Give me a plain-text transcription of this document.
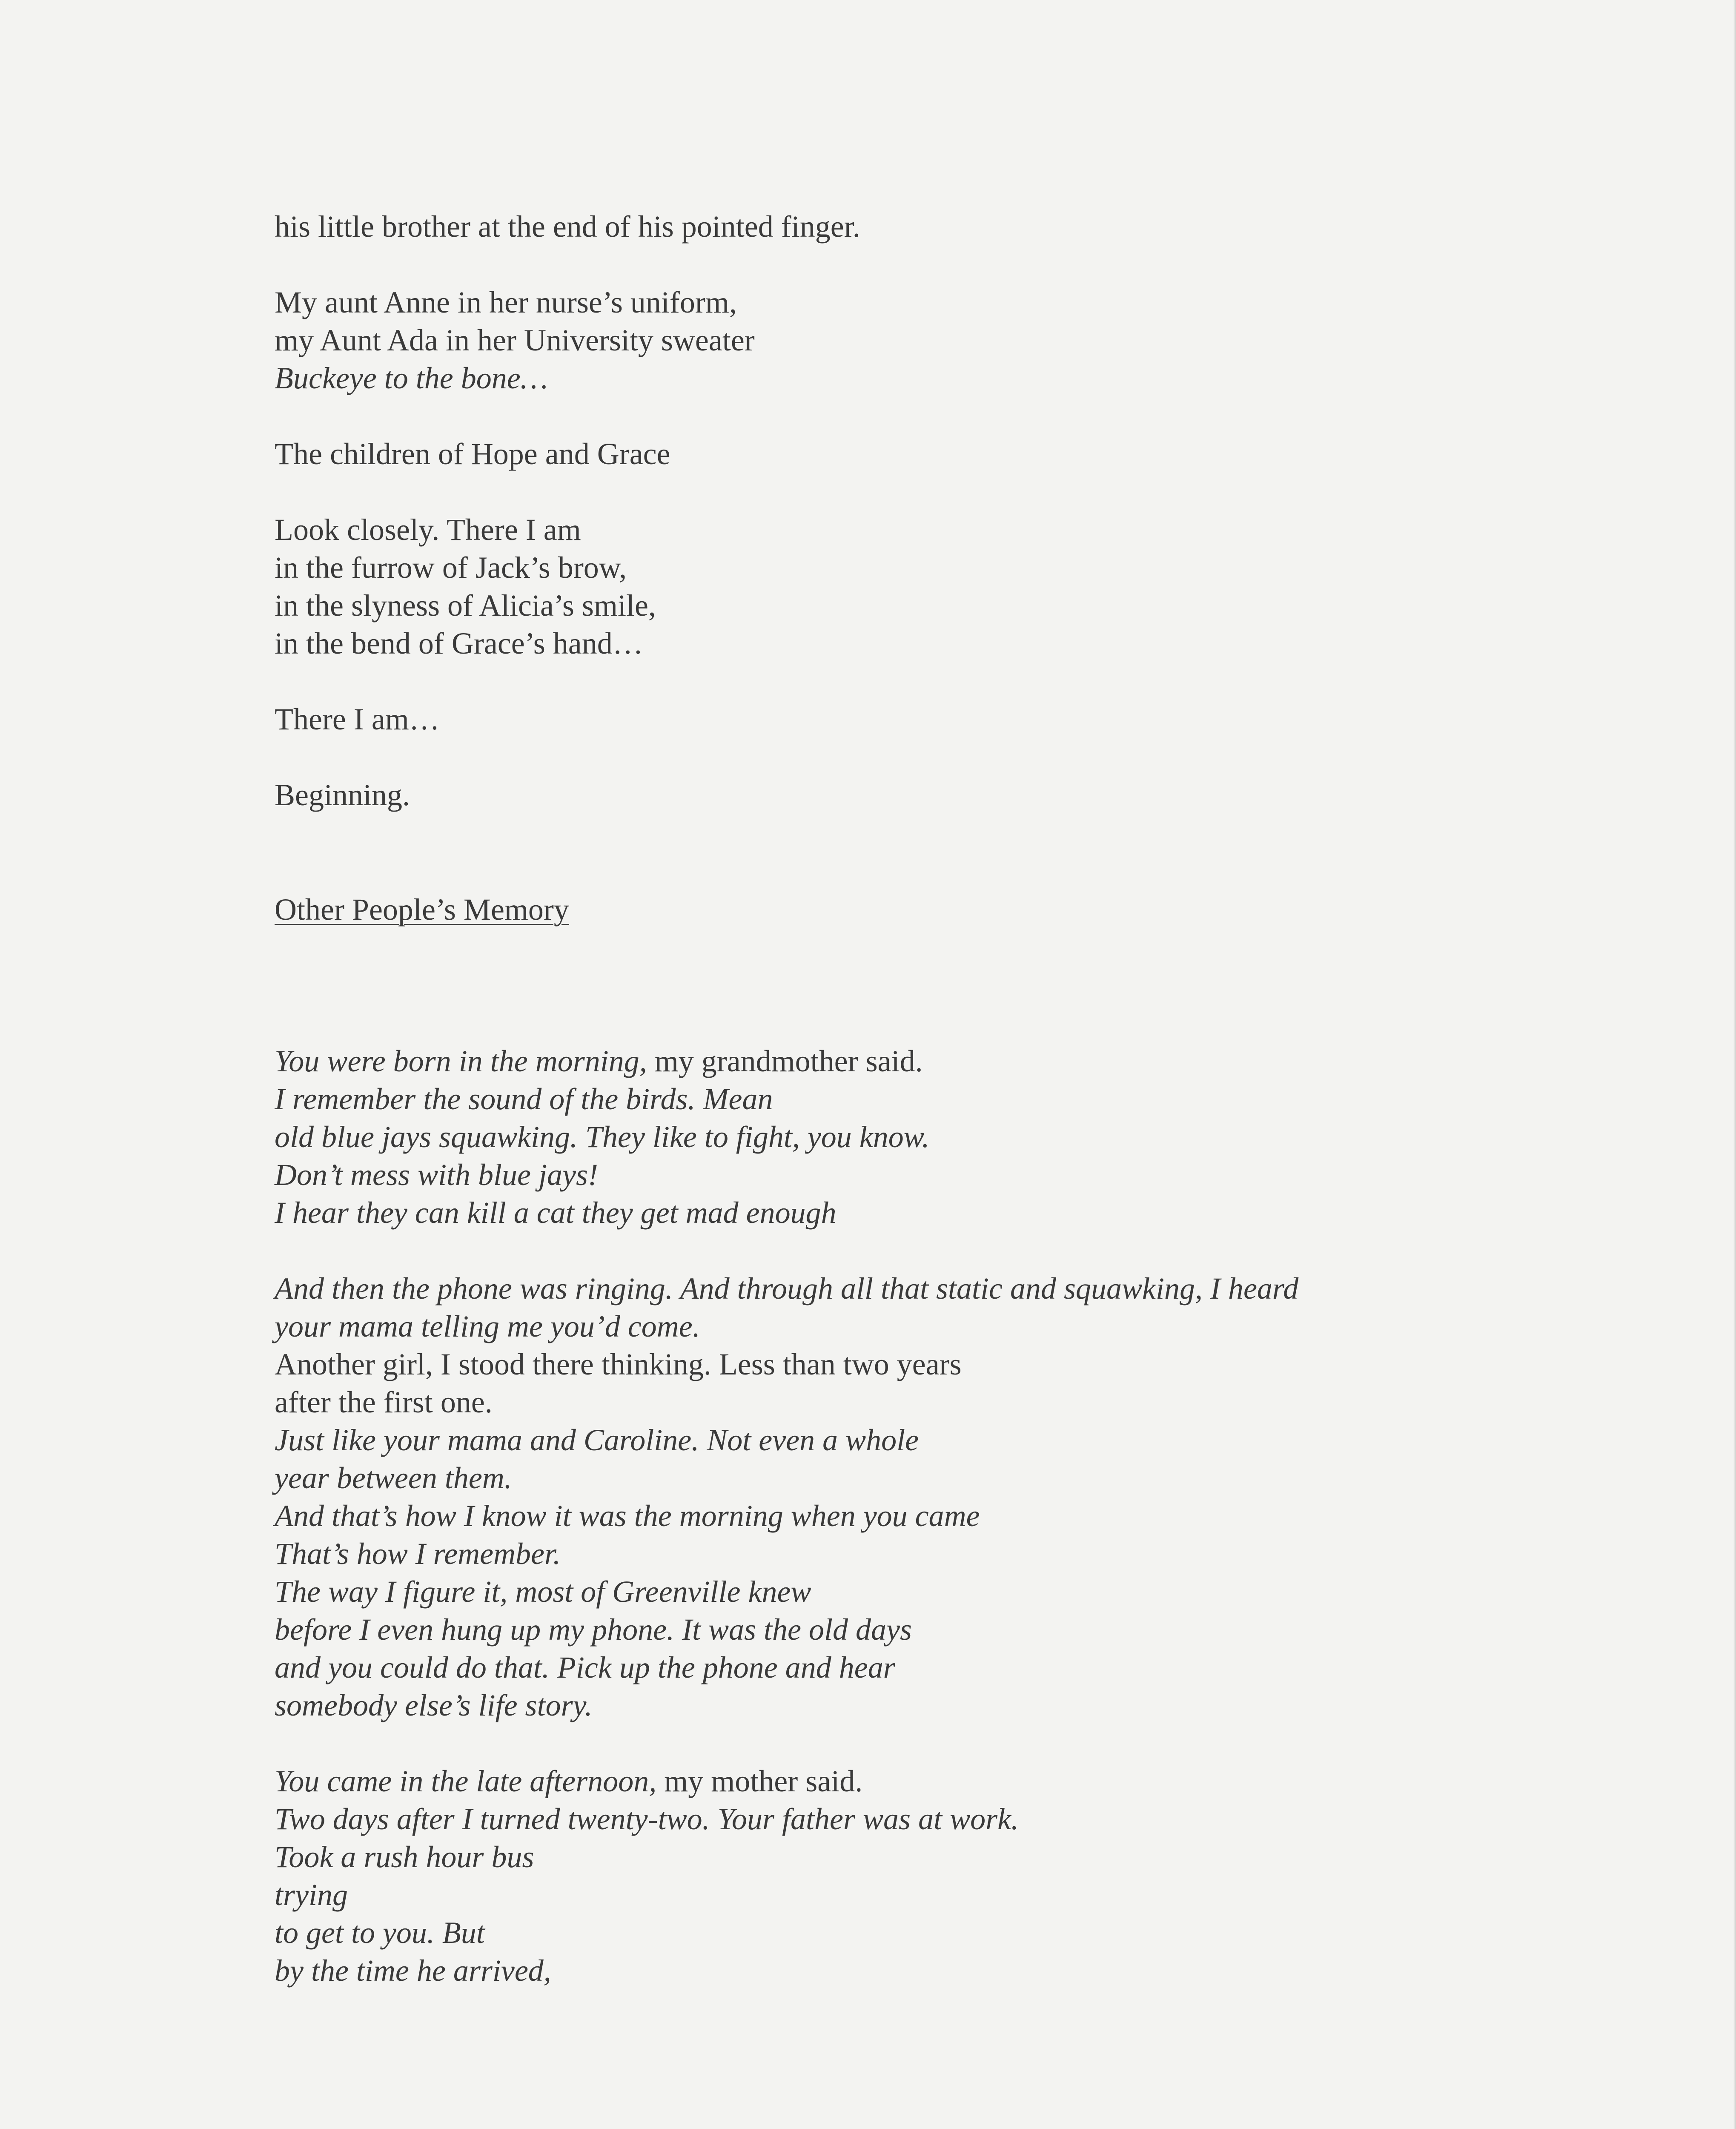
his little brother at the end of his pointed finger.
My aunt Anne in her nurse’s uniform,
my Aunt Ada in her University sweater
Buckeye to the bone…
The children of Hope and Grace
Look closely. There I am
in the furrow of Jack’s brow,
in the slyness of Alicia’s smile,
in the bend of Grace’s hand…
There I am…
Beginning.
Other People’s Memory
You were born in the morning, my grandmother said.
I remember the sound of the birds. Mean
old blue jays squawking. They like to fight, you know.
Don’t mess with blue jays!
I hear they can kill a cat they get mad enough
And then the phone was ringing. And through all that static and squawking, I heard
your mama telling me you’d come.
Another girl, I stood there thinking. Less than two years
after the first one.
Just like your mama and Caroline. Not even a whole
year between them.
And that’s how I know it was the morning when you came
That’s how I remember.
The way I figure it, most of Greenville knew
before I even hung up my phone. It was the old days
and you could do that. Pick up the phone and hear
somebody else’s life story.
You came in the late afternoon, my mother said.
Two days after I turned twenty-two. Your father was at work.
Took a rush hour bus
trying
to get to you. But
by the time he arrived,
